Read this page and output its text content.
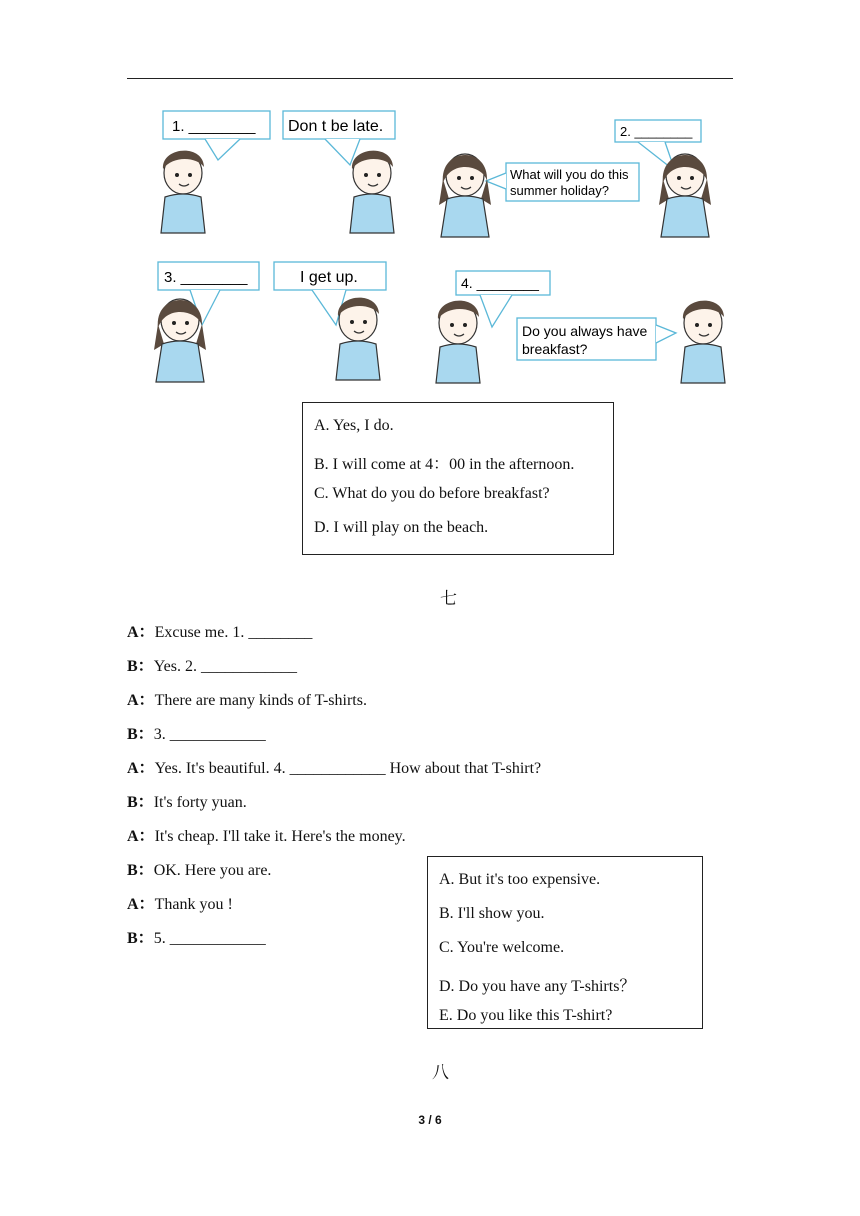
1. ________ Don t be late.	2. ________
What will you do this
summer holiday?
3. ________	I get up.	4. ________
Do you always have
breakfast?
A. Yes, I do.
B. I will come at 4：00 in the afternoon.
C. What do you do before breakfast?
D. I will play on the beach.
七
A：Excuse me. 1. ________
B：Yes. 2. ____________
A：There are many kinds of T-shirts.
B：3. ____________
A：Yes. It's beautiful. 4. ____________ How about that T-shirt?
B：It's forty yuan.
A：It's cheap. I'll take it. Here's the money.
B：OK. Here you are.
A：Thank you !
B：5. ____________
A. But it's too expensive.
B. I'll show you.
C. You're welcome.
D. Do you have any T-shirts？
E. Do you like this T-shirt?
八
3 / 6
